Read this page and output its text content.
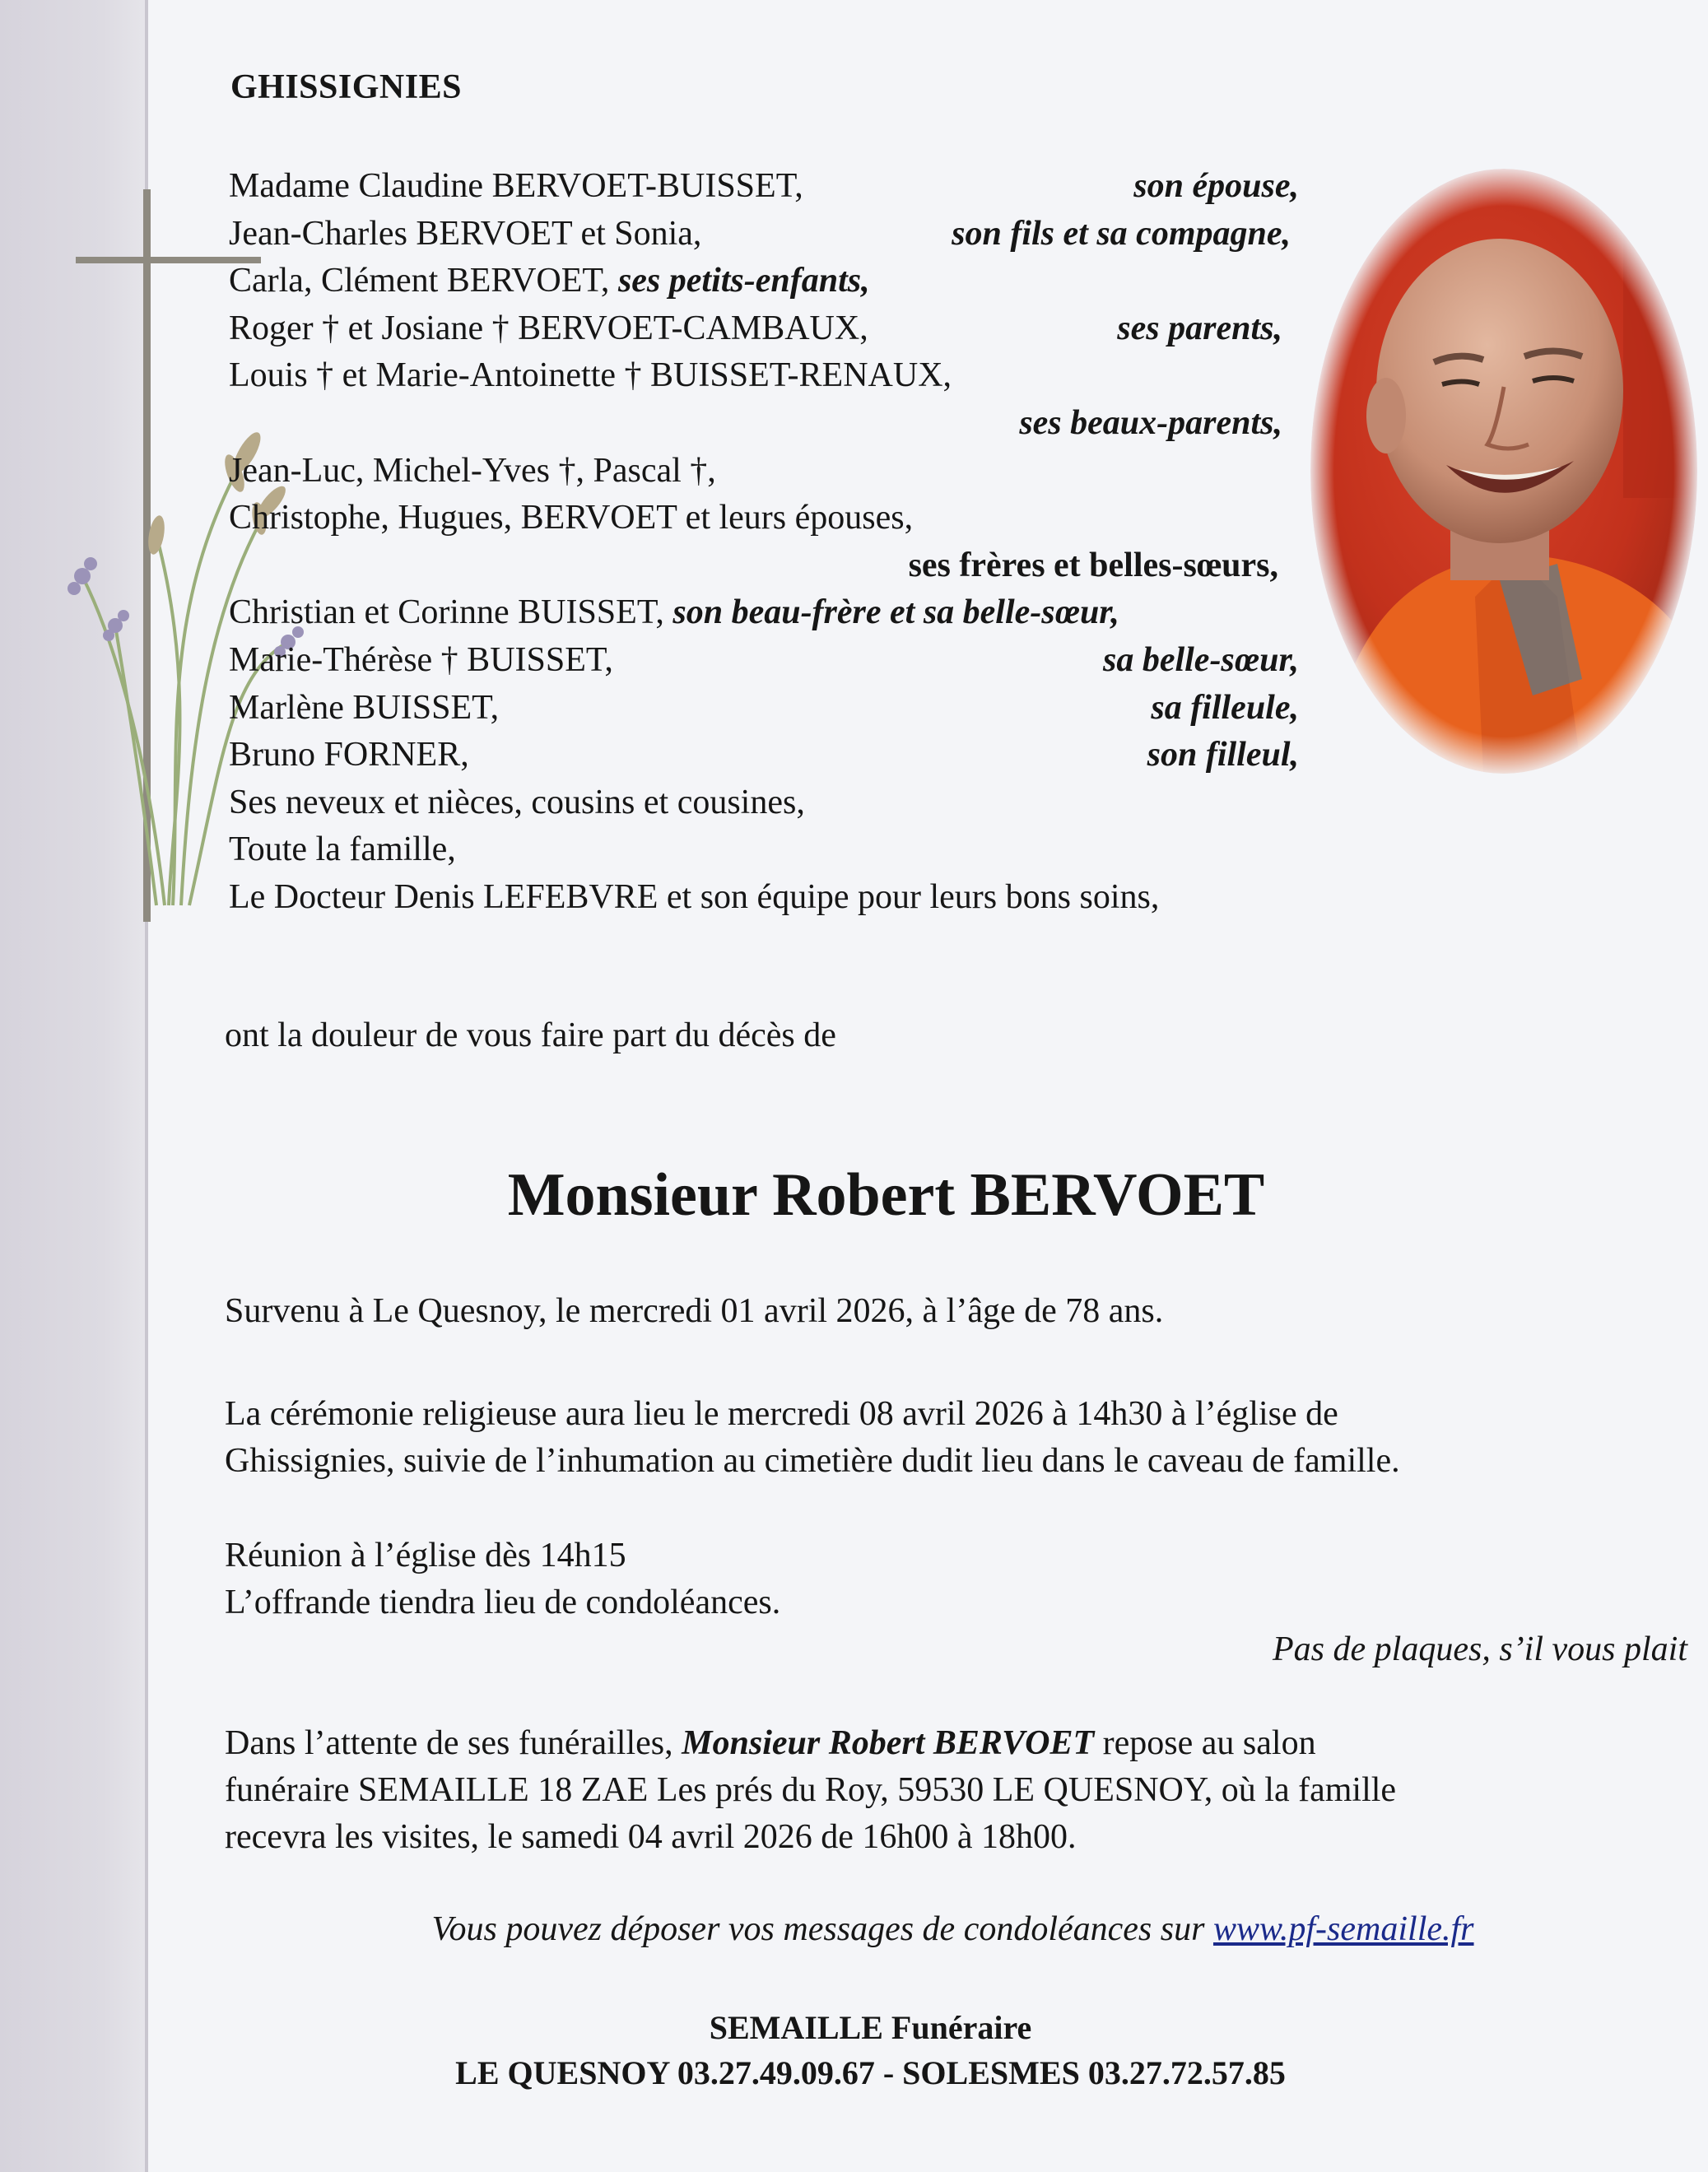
GHISSIGNIES
Madame Claudine BERVOET-BUISSET,	son épouse,
Jean-Charles BERVOET et Sonia,	son fils et sa compagne,
Carla, Clément BERVOET, ses petits-enfants,
Roger † et Josiane † BERVOET-CAMBAUX,	ses parents,
Louis † et Marie-Antoinette † BUISSET-RENAUX,
ses beaux-parents,
Jean-Luc, Michel-Yves †, Pascal †,
Christophe, Hugues, BERVOET et leurs épouses,
ses frères et belles-sœurs,
Christian et Corinne BUISSET, son beau-frère et sa belle-sœur,
Marie-Thérèse † BUISSET,	sa belle-sœur,
Marlène BUISSET,	sa filleule,
Bruno FORNER,	son filleul,
Ses neveux et nièces, cousins et cousines,
Toute la famille,
Le Docteur Denis LEFEBVRE et son équipe pour leurs bons soins,
ont la douleur de vous faire part du décès de
Monsieur Robert BERVOET
Survenu à Le Quesnoy, le mercredi 01 avril 2026, à l’âge de 78 ans.
La cérémonie religieuse aura lieu le mercredi 08 avril 2026 à 14h30 à l’église de
Ghissignies, suivie de l’inhumation au cimetière dudit lieu dans le caveau de famille.
Réunion à l’église dès 14h15
L’offrande tiendra lieu de condoléances.
Pas de plaques, s’il vous plait
Dans l’attente de ses funérailles, Monsieur Robert BERVOET repose au salon
funéraire SEMAILLE 18 ZAE Les prés du Roy, 59530 LE QUESNOY, où la famille
recevra les visites, le samedi 04 avril 2026 de 16h00 à 18h00.
Vous pouvez déposer vos messages de condoléances sur www.pf-semaille.fr
SEMAILLE Funéraire
LE QUESNOY 03.27.49.09.67 - SOLESMES 03.27.72.57.85
